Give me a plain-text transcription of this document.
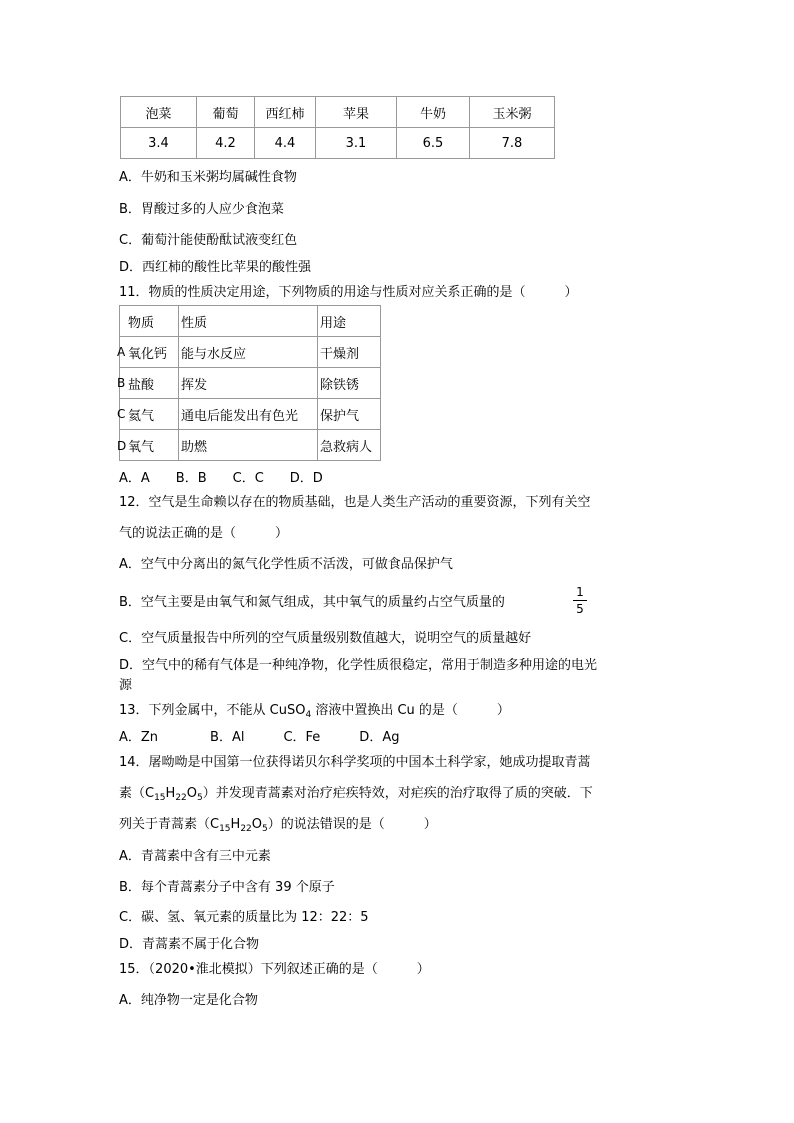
泡菜	葡萄	西红柿	苹果	牛奶	玉米粥
3.4	4.2	4.4	3.1	6.5	7.8
A．牛奶和玉米粥均属碱性食物
B．胃酸过多的人应少食泡菜
C．葡萄汁能使酚酞试液变红色
D．西红柿的酸性比苹果的酸性强
11．物质的性质决定用途，下列物质的用途与性质对应关系正确的是（　　　）
物质	性质	用途
氧化钙	能与水反应	干燥剂
盐酸	挥发	除铁锈
氦气	通电后能发出有色光	保护气
氧气	助燃	急救病人
A
B
C
D
A．A　　B．B　　C．C　　D．D
12．空气是生命赖以存在的物质基础，也是人类生产活动的重要资源，下列有关空
气的说法正确的是（　　　）
A．空气中分离出的氮气化学性质不活泼，可做食品保护气
B．空气主要是由氧气和氮气组成，其中氧气的质量约占空气质量的
1
5
C．空气质量报告中所列的空气质量级别数值越大，说明空气的质量越好
D．空气中的稀有气体是一种纯净物，化学性质很稳定，常用于制造多种用途的电光
源
13．下列金属中，不能从 CuSO$_4$ 溶液中置换出 Cu 的是（　　　）
A．Zn　　　　B．Al　　　C．Fe　　　D．Ag
14．屠呦呦是中国第一位获得诺贝尔科学奖项的中国本土科学家，她成功提取青蒿
素$(C_{15}H_{22}O_5)$并发现青蒿素对治疗疟疾特效，对疟疾的治疗取得了质的突破．下
列关于青蒿素$(C_{15}H_{22}O_5)$的说法错误的是（　　　）
A．青蒿素中含有三中元素
B．每个青蒿素分子中含有 39 个原子
C．碳、氢、氧元素的质量比为 12：22：5
D．青蒿素不属于化合物
15．（2020•淮北模拟）下列叙述正确的是（　　　）
A．纯净物一定是化合物
